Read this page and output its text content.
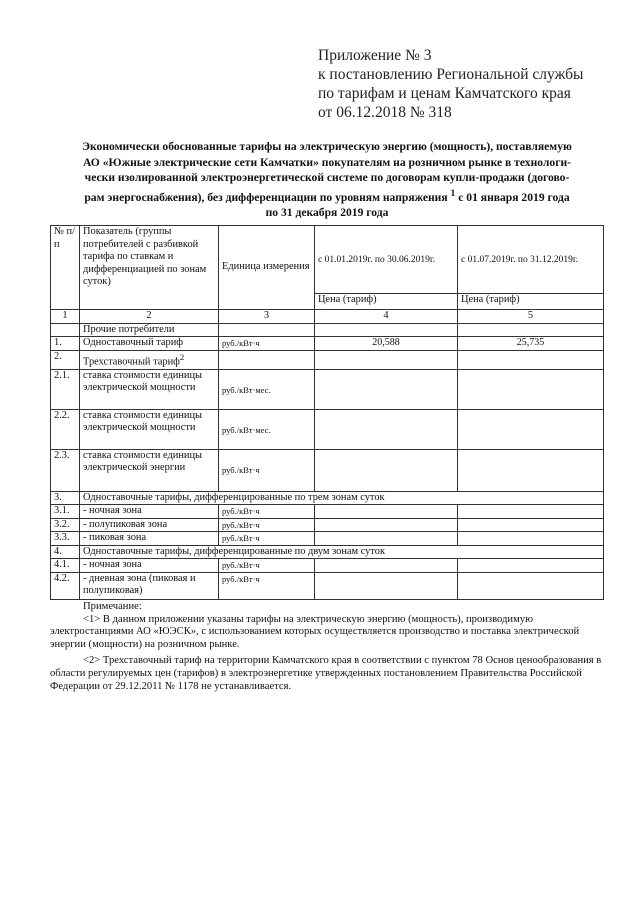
Приложение № 3
к постановлению Региональной службы
по тарифам и ценам Камчатского края
от 06.12.2018 № 318
Экономически обоснованные тарифы на электрическую энергию (мощность), поставляемую
АО «Южные электрические сети Камчатки» покупателям на розничном рынке в технологи-
чески изолированной электроэнергетической системе по договорам купли-продажи (догово-
рам энергоснабжения), без дифференциации по уровням напряжения $^1$ с 01 января 2019 года
по 31 декабря 2019 года
№ п/п	Показатель (группы потребителей с разбивкой тарифа по ставкам и дифференциацией по зонам суток)	Единица измерения	с 01.01.2019г. по 30.06.2019г.	с 01.07.2019г. по 31.12.2019г.
			Цена (тариф)	Цена (тариф)
1	2	3	4	5
	Прочие потребители			
1.	Одноставочный тариф	руб./кВт·ч	20,588	25,735
2.	Трехставочный тариф$^2$			
2.1.	ставка стоимости единицы электрической мощности	руб./кВт·мес.		
2.2.	ставка стоимости единицы электрической мощности	руб./кВт·мес.		
2.3.	ставка стоимости единицы электрической энергии	руб./кВт·ч		
3.	Одноставочные тарифы, дифференцированные по трем зонам суток			
3.1.	- ночная зона	руб./кВт·ч		
3.2.	- полупиковая зона	руб./кВт·ч		
3.3.	- пиковая зона	руб./кВт·ч		
4.	Одноставочные тарифы, дифференцированные по двум зонам суток			
4.1.	- ночная зона	руб./кВт·ч		
4.2.	- дневная зона (пиковая и полупиковая)	руб./кВт·ч		

Примечание:

<1> В данном приложении указаны тарифы на электрическую энергию (мощность), производимую электростанциями АО «ЮЭСК», с использованием которых осуществляется производство и поставка электрической энергии (мощности) на розничном рынке.

<2> Трехставочный тариф на территории Камчатского края в соответствии с пунктом 78 Основ ценообразования в области регулируемых цен (тарифов) в электроэнергетике утвержденных постановлением Правительства Российской Федерации от 29.12.2011 № 1178 не устанавливается.
